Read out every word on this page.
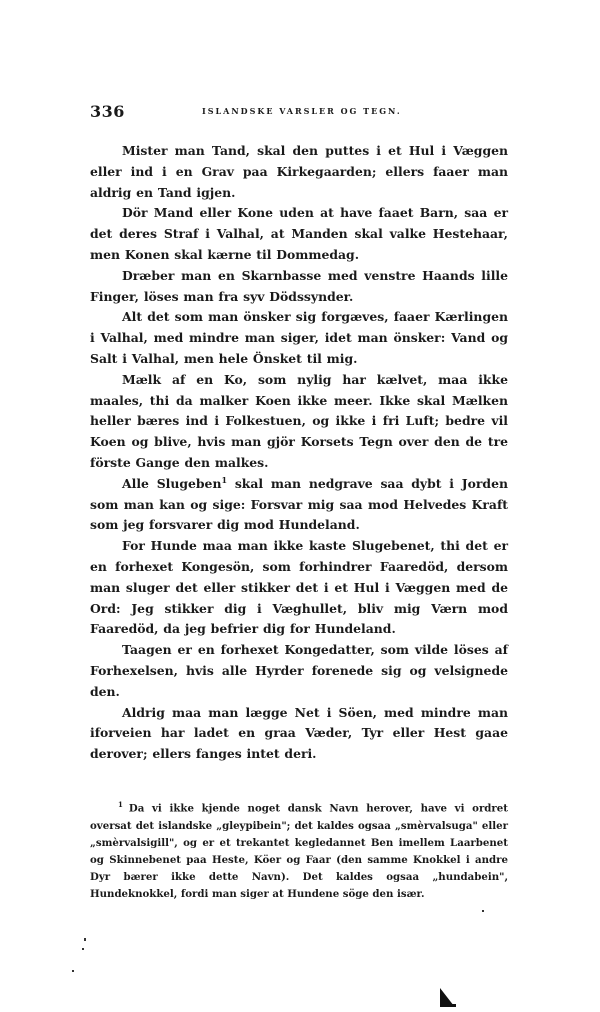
336	ISLANDSKE VARSLER OG TEGN.

Mister man Tand, skal den puttes i et Hul i Væggen eller ind i en Grav paa Kirkegaarden; ellers faaer man aldrig en Tand igjen.

Dör Mand eller Kone uden at have faaet Barn, saa er det deres Straf i Valhal, at Manden skal valke Hestehaar, men Konen skal kærne til Dommedag.

Dræber man en Skarnbasse med venstre Haands lille Finger, löses man fra syv Dödssynder.

Alt det som man önsker sig forgæves, faaer Kærlingen i Valhal, med mindre man siger, idet man önsker: Vand og Salt i Valhal, men hele Önsket til mig.

Mælk af en Ko, som nylig har kælvet, maa ikke maales, thi da malker Koen ikke meer. Ikke skal Mælken heller bæres ind i Folkestuen, og ikke i fri Luft; bedre vil Koen og blive, hvis man gjör Korsets Tegn over den de tre förste Gange den malkes.

Alle Slugeben$^1$ skal man nedgrave saa dybt i Jorden som man kan og sige: Forsvar mig saa mod Helvedes Kraft som jeg forsvarer dig mod Hundeland.

For Hunde maa man ikke kaste Slugebenet, thi det er en forhexet Kongesön, som forhindrer Faaredöd, dersom man sluger det eller stikker det i et Hul i Væggen med de Ord: Jeg stikker dig i Væghullet, bliv mig Værn mod Faaredöd, da jeg befrier dig for Hundeland.

Taagen er en forhexet Kongedatter, som vilde löses af Forhexelsen, hvis alle Hyrder forenede sig og velsignede den.

Aldrig maa man lægge Net i Söen, med mindre man iforveien har ladet en graa Væder, Tyr eller Hest gaae derover; ellers fanges intet deri.

$^1$ Da vi ikke kjende noget dansk Navn herover, have vi ordret oversat det islandske „gleypibein"; det kaldes ogsaa „smèrvalsuga" eller „smèrvalsigill", og er et trekantet kegledannet Ben imellem Laarbenet og Skinnebenet paa Heste, Köer og Faar (den samme Knokkel i andre Dyr bærer ikke dette Navn). Det kaldes ogsaa „hundabein", Hundeknokkel, fordi man siger at Hundene söge den især.
